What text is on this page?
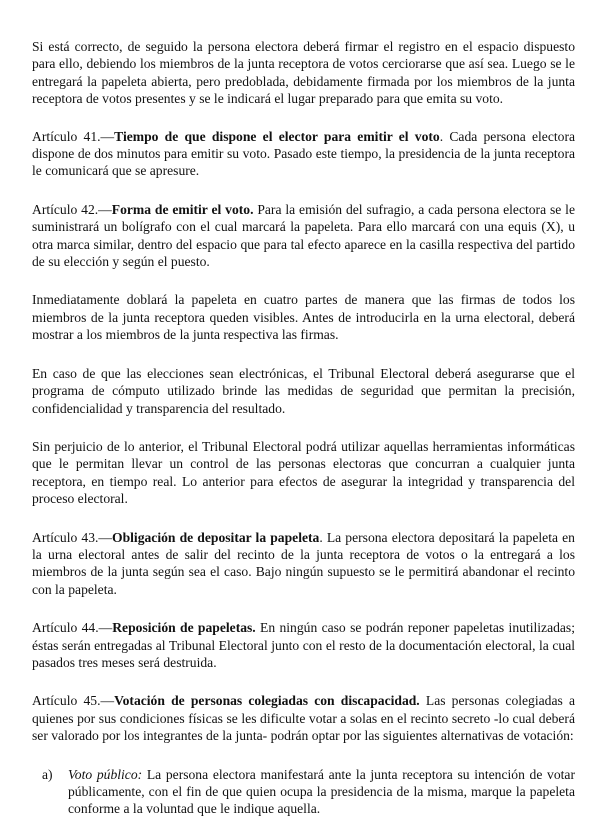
Si está correcto, de seguido la persona electora deberá firmar el registro en el espacio dispuesto para ello, debiendo los miembros de la junta receptora de votos cerciorarse que así sea. Luego se le entregará la papeleta abierta, pero predoblada, debidamente firmada por los miembros de la junta receptora de votos presentes y se le indicará el lugar preparado para que emita su voto.

Artículo 41.—Tiempo de que dispone el elector para emitir el voto. Cada persona electora dispone de dos minutos para emitir su voto. Pasado este tiempo, la presidencia de la junta receptora le comunicará que se apresure.

Artículo 42.—Forma de emitir el voto. Para la emisión del sufragio, a cada persona electora se le suministrará un bolígrafo con el cual marcará la papeleta. Para ello marcará con una equis (X), u otra marca similar, dentro del espacio que para tal efecto aparece en la casilla respectiva del partido de su elección y según el puesto.

Inmediatamente doblará la papeleta en cuatro partes de manera que las firmas de todos los miembros de la junta receptora queden visibles. Antes de introducirla en la urna electoral, deberá mostrar a los miembros de la junta respectiva las firmas.

En caso de que las elecciones sean electrónicas, el Tribunal Electoral deberá asegurarse que el programa de cómputo utilizado brinde las medidas de seguridad que permitan la precisión, confidencialidad y transparencia del resultado.

Sin perjuicio de lo anterior, el Tribunal Electoral podrá utilizar aquellas herramientas informáticas que le permitan llevar un control de las personas electoras que concurran a cualquier junta receptora, en tiempo real. Lo anterior para efectos de asegurar la integridad y transparencia del proceso electoral.

Artículo 43.—Obligación de depositar la papeleta. La persona electora depositará la papeleta en la urna electoral antes de salir del recinto de la junta receptora de votos o la entregará a los miembros de la junta según sea el caso. Bajo ningún supuesto se le permitirá abandonar el recinto con la papeleta.

Artículo 44.—Reposición de papeletas. En ningún caso se podrán reponer papeletas inutilizadas; éstas serán entregadas al Tribunal Electoral junto con el resto de la documentación electoral, la cual pasados tres meses será destruida.

Artículo 45.—Votación de personas colegiadas con discapacidad. Las personas colegiadas a quienes por sus condiciones físicas se les dificulte votar a solas en el recinto secreto -lo cual deberá ser valorado por los integrantes de la junta- podrán optar por las siguientes alternativas de votación:

a)	Voto público: La persona electora manifestará ante la junta receptora su intención de votar públicamente, con el fin de que quien ocupa la presidencia de la misma, marque la papeleta conforme a la voluntad que le indique aquella.
